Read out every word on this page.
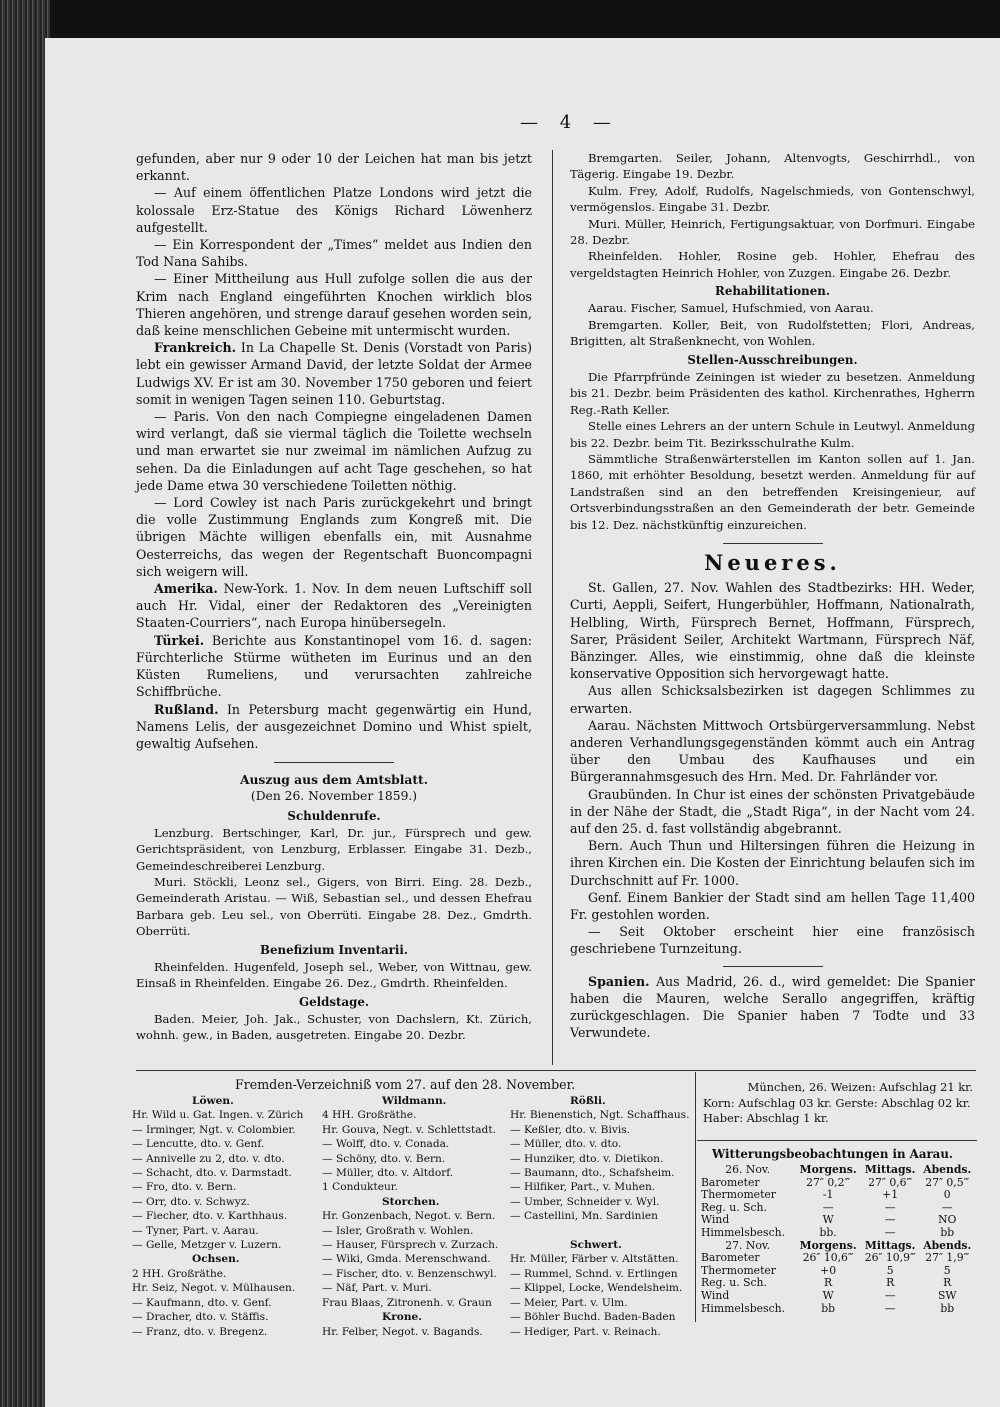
— 4 —

gefunden, aber nur 9 oder 10 der Leichen hat man bis jetzt erkannt.

— Auf einem öffentlichen Platze Londons wird jetzt die kolossale Erz-Statue des Königs Richard Löwenherz aufgestellt.

— Ein Korrespondent der „Times“ meldet aus Indien den Tod Nana Sahibs.

— Einer Mittheilung aus Hull zufolge sollen die aus der Krim nach England eingeführten Knochen wirklich blos Thieren angehören, und strenge darauf gesehen worden sein, daß keine menschlichen Gebeine mit untermischt wurden.

Frankreich. In La Chapelle St. Denis (Vorstadt von Paris) lebt ein gewisser Armand David, der letzte Soldat der Armee Ludwigs XV. Er ist am 30. November 1750 geboren und feiert somit in wenigen Tagen seinen 110. Geburtstag.

— Paris. Von den nach Compiegne eingeladenen Damen wird verlangt, daß sie viermal täglich die Toilette wechseln und man erwartet sie nur zweimal im nämlichen Aufzug zu sehen. Da die Einladungen auf acht Tage geschehen, so hat jede Dame etwa 30 verschiedene Toiletten nöthig.

— Lord Cowley ist nach Paris zurückgekehrt und bringt die volle Zustimmung Englands zum Kongreß mit. Die übrigen Mächte willigen ebenfalls ein, mit Ausnahme Oesterreichs, das wegen der Regentschaft Buoncompagni sich weigern will.

Amerika. New-York. 1. Nov. In dem neuen Luftschiff soll auch Hr. Vidal, einer der Redaktoren des „Vereinigten Staaten-Courriers“, nach Europa hinübersegeln.

Türkei. Berichte aus Konstantinopel vom 16. d. sagen: Fürchterliche Stürme wütheten im Eurinus und an den Küsten Rumeliens, und verursachten zahlreiche Schiffbrüche.

Rußland. In Petersburg macht gegenwärtig ein Hund, Namens Lelis, der ausgezeichnet Domino und Whist spielt, gewaltig Aufsehen.

Auszug aus dem Amtsblatt.
(Den 26. November 1859.)
Schuldenrufe.

Lenzburg. Bertschinger, Karl, Dr. jur., Fürsprech und gew. Gerichtspräsident, von Lenzburg, Erblasser. Eingabe 31. Dezb., Gemeindeschreiberei Lenzburg.

Muri. Stöckli, Leonz sel., Gigers, von Birri. Eing. 28. Dezb., Gemeinderath Aristau. — Wiß, Sebastian sel., und dessen Ehefrau Barbara geb. Leu sel., von Oberrüti. Eingabe 28. Dez., Gmdrth. Oberrüti.

Benefizium Inventarii.

Rheinfelden. Hugenfeld, Joseph sel., Weber, von Wittnau, gew. Einsaß in Rheinfelden. Eingabe 26. Dez., Gmdrth. Rheinfelden.

Geldstage.

Baden. Meier, Joh. Jak., Schuster, von Dachslern, Kt. Zürich, wohnh. gew., in Baden, ausgetreten. Eingabe 20. Dezbr.

Bremgarten. Seiler, Johann, Altenvogts, Geschirrhdl., von Tägerig. Eingabe 19. Dezbr.

Kulm. Frey, Adolf, Rudolfs, Nagelschmieds, von Gontenschwyl, vermögenslos. Eingabe 31. Dezbr.

Muri. Müller, Heinrich, Fertigungsaktuar, von Dorfmuri. Eingabe 28. Dezbr.

Rheinfelden. Hohler, Rosine geb. Hohler, Ehefrau des vergeldstagten Heinrich Hohler, von Zuzgen. Eingabe 26. Dezbr.

Rehabilitationen.

Aarau. Fischer, Samuel, Hufschmied, von Aarau.

Bremgarten. Koller, Beit, von Rudolfstetten; Flori, Andreas, Brigitten, alt Straßenknecht, von Wohlen.

Stellen-Ausschreibungen.

Die Pfarrpfründe Zeiningen ist wieder zu besetzen. Anmeldung bis 21. Dezbr. beim Präsidenten des kathol. Kirchenrathes, Hgherrn Reg.-Rath Keller.

Stelle eines Lehrers an der untern Schule in Leutwyl. Anmeldung bis 22. Dezbr. beim Tit. Bezirksschulrathe Kulm.

Sämmtliche Straßenwärterstellen im Kanton sollen auf 1. Jan. 1860, mit erhöhter Besoldung, besetzt werden. Anmeldung für auf Landstraßen sind an den betreffenden Kreisingenieur, auf Ortsverbindungsstraßen an den Gemeinderath der betr. Gemeinde bis 12. Dez. nächstkünftig einzureichen.

Neueres.

St. Gallen, 27. Nov. Wahlen des Stadtbezirks: HH. Weder, Curti, Aeppli, Seifert, Hungerbühler, Hoffmann, Nationalrath, Helbling, Wirth, Fürsprech Bernet, Hoffmann, Fürsprech, Sarer, Präsident Seiler, Architekt Wartmann, Fürsprech Näf, Bänzinger. Alles, wie einstimmig, ohne daß die kleinste konservative Opposition sich hervorgewagt hatte.

Aus allen Schicksalsbezirken ist dagegen Schlimmes zu erwarten.

Aarau. Nächsten Mittwoch Ortsbürgerversammlung. Nebst anderen Verhandlungsgegenständen kömmt auch ein Antrag über den Umbau des Kaufhauses und ein Bürgerannahmsgesuch des Hrn. Med. Dr. Fahrländer vor.

Graubünden. In Chur ist eines der schönsten Privatgebäude in der Nähe der Stadt, die „Stadt Riga“, in der Nacht vom 24. auf den 25. d. fast vollständig abgebrannt.

Bern. Auch Thun und Hiltersingen führen die Heizung in ihren Kirchen ein. Die Kosten der Einrichtung belaufen sich im Durchschnitt auf Fr. 1000.

Genf. Einem Bankier der Stadt sind am hellen Tage 11,400 Fr. gestohlen worden.

— Seit Oktober erscheint hier eine französisch geschriebene Turnzeitung.

Spanien. Aus Madrid, 26. d., wird gemeldet: Die Spanier haben die Mauren, welche Serallo angegriffen, kräftig zurückgeschlagen. Die Spanier haben 7 Todte und 33 Verwundete.

Fremden-Verzeichniß vom 27. auf den 28. November.
Löwen.
Hr. Wild u. Gat. Ingen. v. Zürich
— Irminger, Ngt. v. Colombier.
— Lencutte, dto. v. Genf.
— Annivelle zu 2, dto. v. dto.
— Schacht, dto. v. Darmstadt.
— Fro, dto. v. Bern.
— Orr, dto. v. Schwyz.
— Fiecher, dto. v. Karthhaus.
— Tyner, Part. v. Aarau.
— Gelle, Metzger v. Luzern.
Ochsen.
2 HH. Großräthe.
Hr. Seiz, Negot. v. Mülhausen.
— Kaufmann, dto. v. Genf.
— Dracher, dto. v. Stäffis.
— Franz, dto. v. Bregenz.
Wildmann.
4 HH. Großräthe.
Hr. Gouva, Negt. v. Schlettstadt.
— Wolff, dto. v. Conada.
— Schöny, dto. v. Bern.
— Müller, dto. v. Altdorf.
1 Condukteur.
Storchen.
Hr. Gonzenbach, Negot. v. Bern.
— Isler, Großrath v. Wohlen.
— Hauser, Fürsprech v. Zurzach.
— Wiki, Gmda. Merenschwand.
— Fischer, dto. v. Benzenschwyl.
— Näf, Part. v. Muri.
Frau Blaas, Zitronenh. v. Graun
Krone.
Hr. Felber, Negot. v. Bagands.
Rößli.
Hr. Bienenstich, Ngt. Schaffhaus.
— Keßler, dto. v. Bivis.
— Müller, dto. v. dto.
— Hunziker, dto. v. Dietikon.
— Baumann, dto., Schafsheim.
— Hilfiker, Part., v. Muhen.
— Umber, Schneider v. Wyl.
— Castellini, Mn. Sardinien

Schwert.
Hr. Müller, Färber v. Altstätten.
— Rummel, Schnd. v. Ertlingen
— Klippel, Locke, Wendelsheim.
— Meier, Part. v. Ulm.
— Böhler Buchd. Baden-Baden
— Hediger, Part. v. Reinach.
München, 26. Weizen: Aufschlag 21 kr.
Korn: Aufschlag 03 kr. Gerste: Abschlag 02 kr.
Haber: Abschlag 1 kr.
Witterungsbeobachtungen in Aarau.
26. Nov.	Morgens.	Mittags.	Abends.
Barometer	27″ 0,2‴	27″ 0,6‴	27″ 0,5‴
Thermometer	-1	+1	0
Reg. u. Sch.	—	—	—
Wind	W	—	NO
Himmelsbesch.	bb.	—	bb
27. Nov.	Morgens.	Mittags.	Abends.
Barometer	26″ 10,6‴	26″ 10,9‴	27″ 1,9‴
Thermometer	+0	5	5
Reg. u. Sch.	R	R	R
Wind	W	—	SW
Himmelsbesch.	bb	—	bb
